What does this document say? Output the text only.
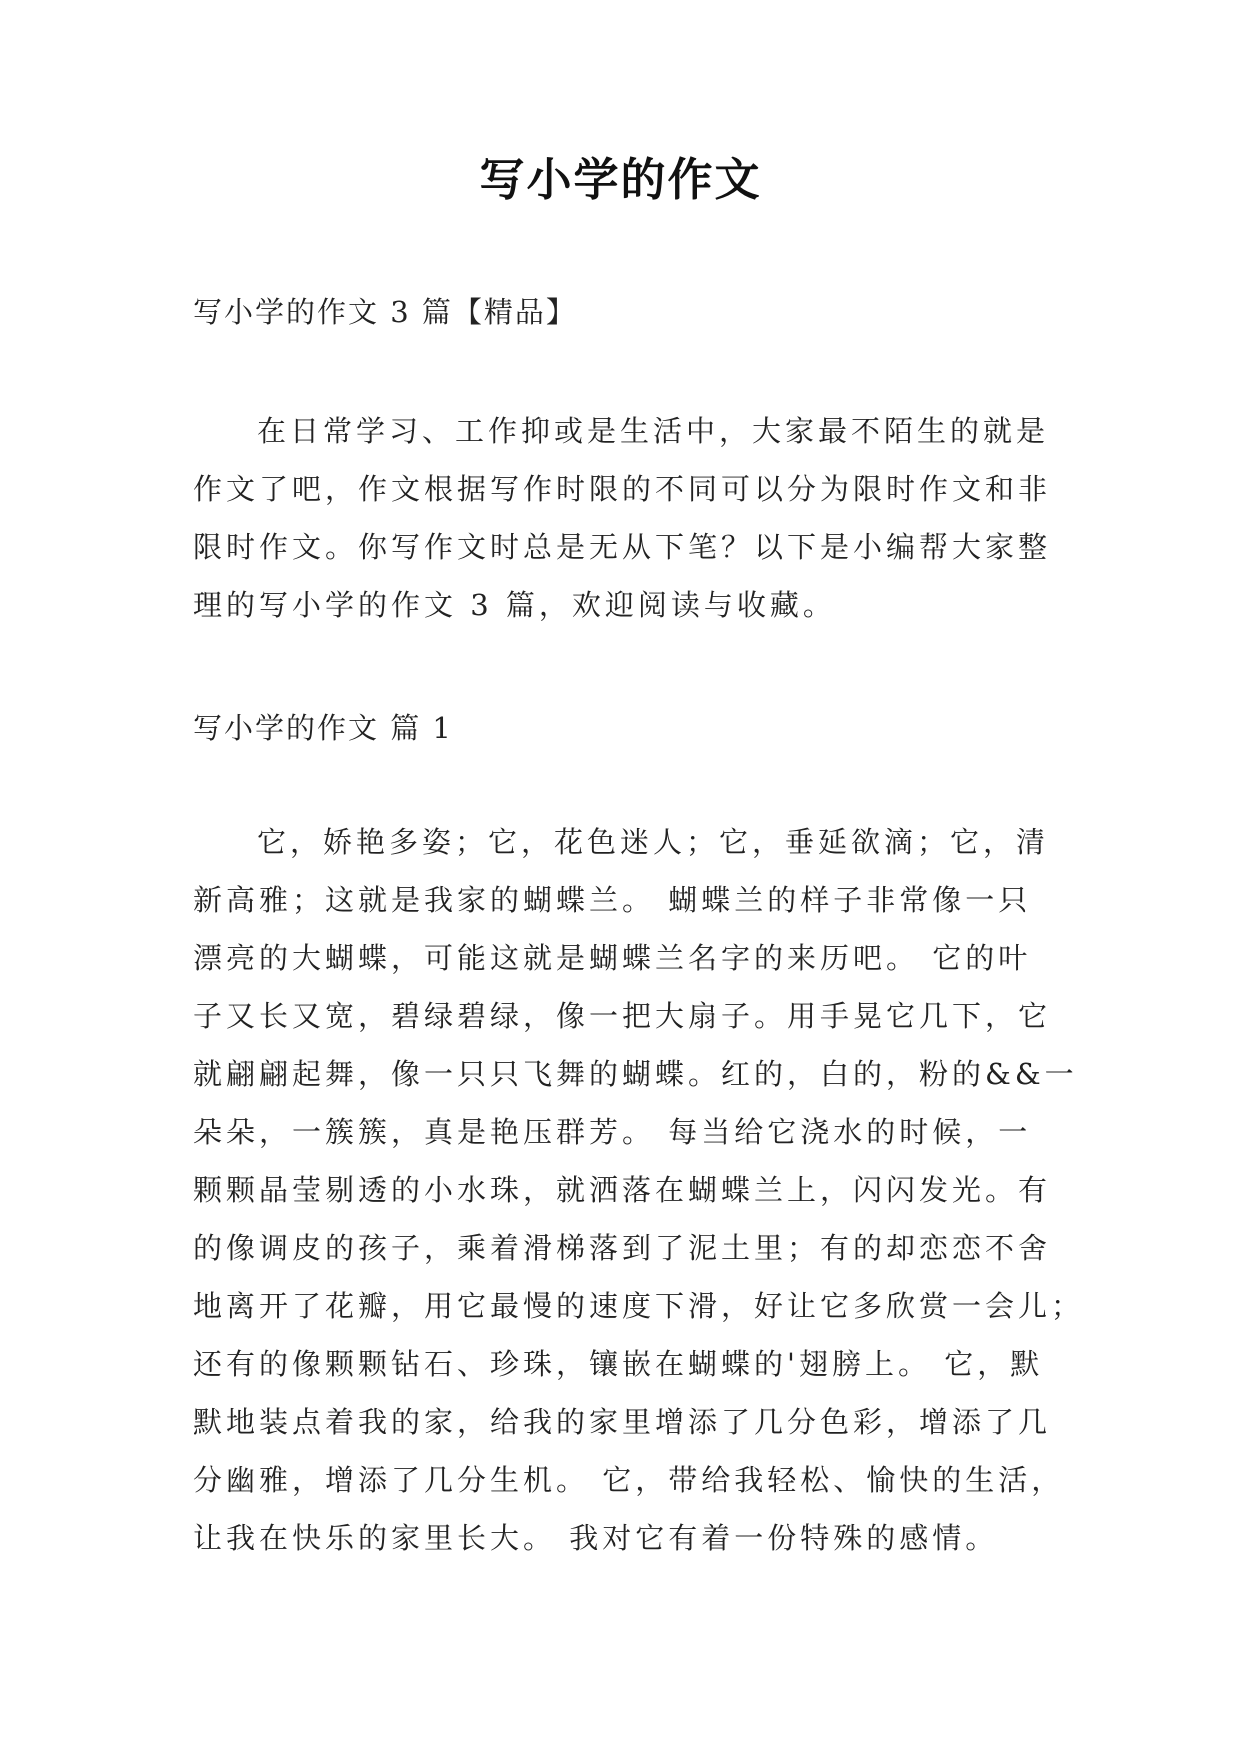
写小学的作文
写小学的作文 3 篇【精品】
在日常学习、工作抑或是生活中，大家最不陌生的就是
作文了吧，作文根据写作时限的不同可以分为限时作文和非
限时作文。你写作文时总是无从下笔？以下是小编帮大家整
理的写小学的作文 3 篇，欢迎阅读与收藏。
写小学的作文 篇 1
它，娇艳多姿；它，花色迷人；它，垂延欲滴；它，清
新高雅；这就是我家的蝴蝶兰。 蝴蝶兰的样子非常像一只
漂亮的大蝴蝶，可能这就是蝴蝶兰名字的来历吧。 它的叶
子又长又宽，碧绿碧绿，像一把大扇子。用手晃它几下，它
就翩翩起舞，像一只只飞舞的蝴蝶。红的，白的，粉的&&一
朵朵，一簇簇，真是艳压群芳。 每当给它浇水的时候，一
颗颗晶莹剔透的小水珠，就洒落在蝴蝶兰上，闪闪发光。有
的像调皮的孩子，乘着滑梯落到了泥土里；有的却恋恋不舍
地离开了花瓣，用它最慢的速度下滑，好让它多欣赏一会儿；
还有的像颗颗钻石、珍珠，镶嵌在蝴蝶的'翅膀上。 它，默
默地装点着我的家，给我的家里增添了几分色彩，增添了几
分幽雅，增添了几分生机。 它，带给我轻松、愉快的生活，
让我在快乐的家里长大。 我对它有着一份特殊的感情。
